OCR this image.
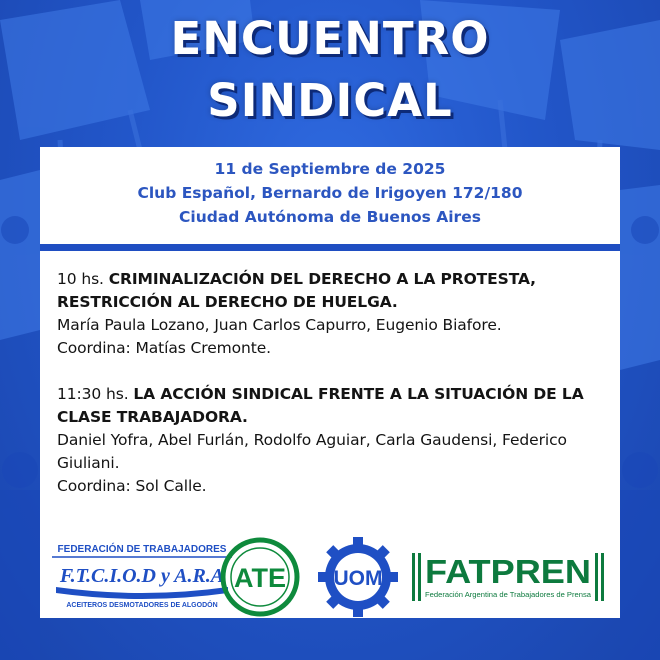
ENCUENTRO
SINDICAL
11 de Septiembre de 2025
Club Español, Bernardo de Irigoyen 172/180
Ciudad Autónoma de Buenos Aires
10 hs. CRIMINALIZACIÓN DEL DERECHO A LA PROTESTA, RESTRICCIÓN AL DERECHO DE HUELGA.
María Paula Lozano, Juan Carlos Capurro, Eugenio Biafore.
Coordina: Matías Cremonte.
11:30 hs. LA ACCIÓN SINDICAL FRENTE A LA SITUACIÓN DE LA CLASE TRABAJADORA.
Daniel Yofra, Abel Furlán, Rodolfo Aguiar, Carla Gaudensi, Federico Giuliani.
Coordina: Sol Calle.
FEDERACIÓN DE TRABAJADORES
F.T.C.I.O.D y A.R.A
ACEITEROS DESMOTADORES DE ALGODÓN
ATE UOM FATPREN
Federación Argentina de Trabajadores de Prensa
